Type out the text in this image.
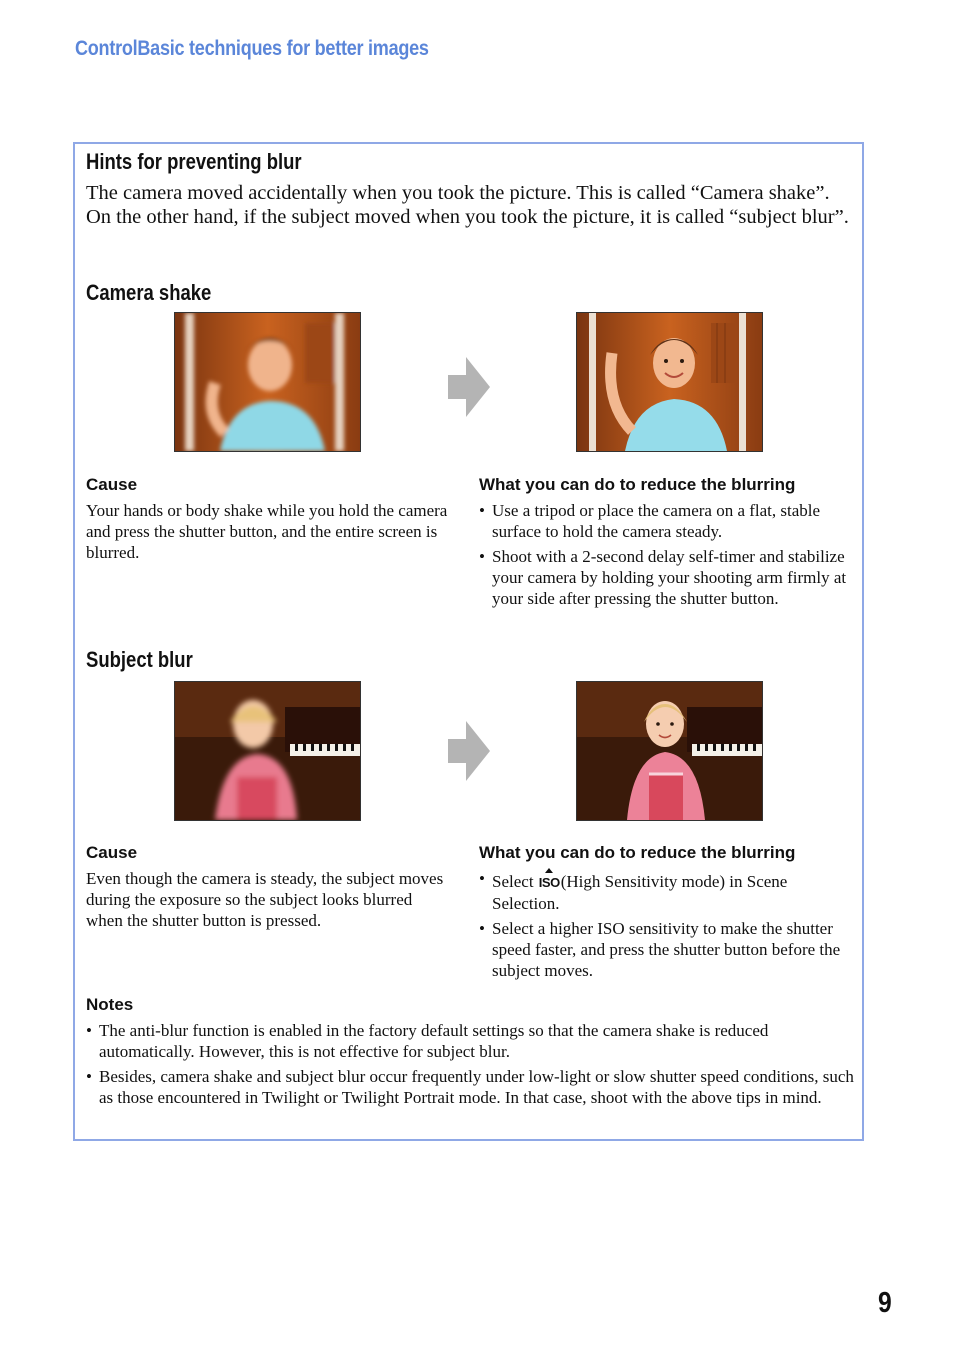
ControlBasic techniques for better images
Hints for preventing blur
The camera moved accidentally when you took the picture. This is called “Camera shake”. On the other hand, if the subject moved when you took the picture, it is called “subject blur”.
Camera shake
Cause
Your hands or body shake while you hold the camera and press the shutter button, and the entire screen is blurred.
What you can do to reduce the blurring
• Use a tripod or place the camera on a flat, stable surface to hold the camera steady.
• Shoot with a 2-second delay self-timer and stabilize your camera by holding your shooting arm firmly at your side after pressing the shutter button.
Subject blur
Cause
Even though the camera is steady, the subject moves during the exposure so the subject looks blurred when the shutter button is pressed.
What you can do to reduce the blurring
• Select ISO(High Sensitivity mode) in Scene Selection.
• Select a higher ISO sensitivity to make the shutter speed faster, and press the shutter button before the subject moves.
Notes
• The anti-blur function is enabled in the factory default settings so that the camera shake is reduced automatically. However, this is not effective for subject blur.
• Besides, camera shake and subject blur occur frequently under low-light or slow shutter speed conditions, such as those encountered in Twilight or Twilight Portrait mode. In that case, shoot with the above tips in mind.
9
